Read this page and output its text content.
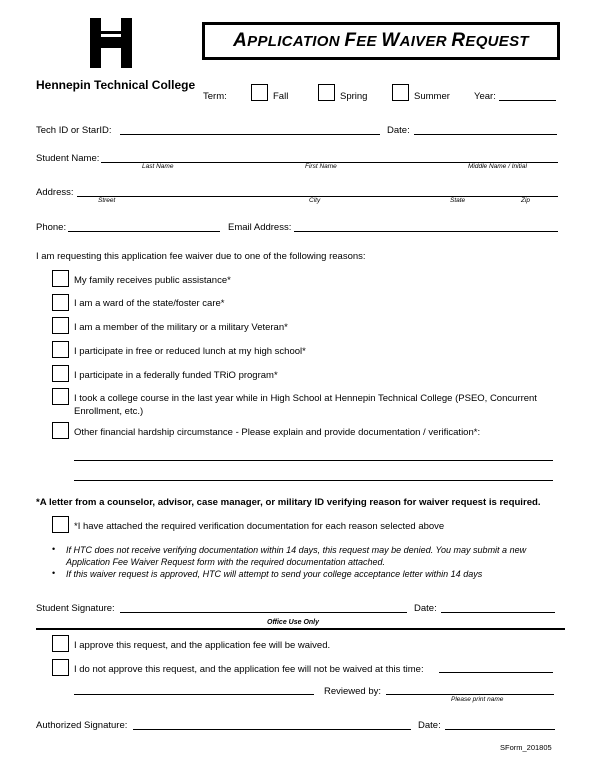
Hennepin Technical College
APPLICATION FEE WAIVER REQUEST
Term:	Fall	Spring	Summer	Year:
Tech ID or StarID:	Date:
Student Name:
Last Name	First Name	Middle Name / Initial
Address:
Street	City	State	Zip
Phone:	Email Address:
I am requesting this application fee waiver due to one of the following reasons:
My family receives public assistance*
I am a ward of the state/foster care*
I am a member of the military or a military Veteran*
I participate in free or reduced lunch at my high school*
I participate in a federally funded TRiO program*
I took a college course in the last year while in High School at Hennepin Technical College (PSEO, Concurrent Enrollment, etc.)
Other financial hardship circumstance - Please explain and provide documentation / verification*:
*A letter from a counselor, advisor, case manager, or military ID verifying reason for waiver request is required.
*I have attached the required verification documentation for each reason selected above
• If HTC does not receive verifying documentation within 14 days, this request may be denied. You may submit a new Application Fee Waiver Request form with the required documentation attached.
• If this waiver request is approved, HTC will attempt to send your college acceptance letter within 14 days
Student Signature:	Date:
Office Use Only
I approve this request, and the application fee will be waived.
I do not approve this request, and the application fee will not be waived at this time:
Reviewed by:
Please print name
Authorized Signature:	Date:
SForm_201805
